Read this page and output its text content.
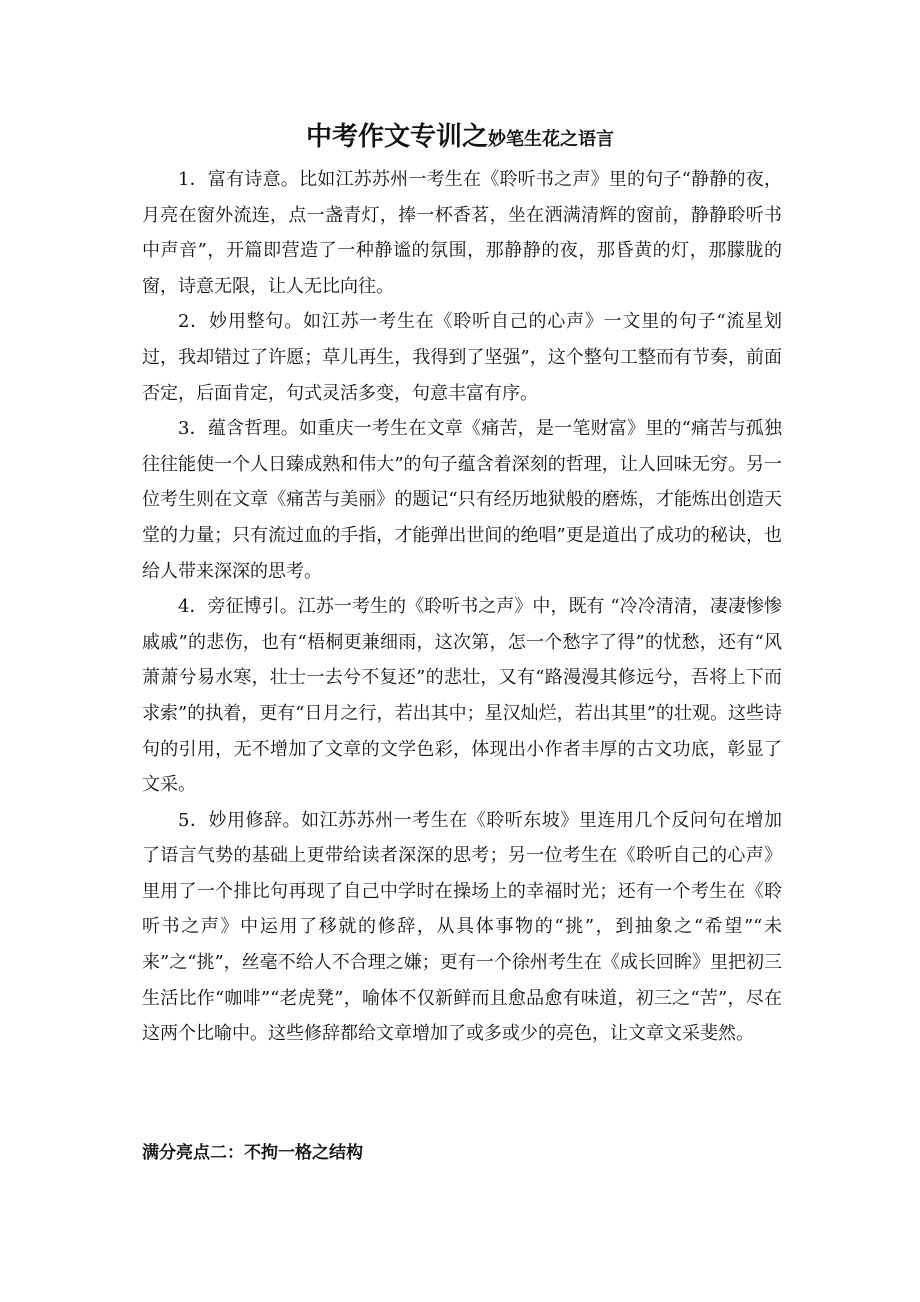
中考作文专训之妙笔生花之语言

1．富有诗意。比如江苏苏州一考生在《聆听书之声》里的句子“静静的夜，月亮在窗外流连，点一盏青灯，捧一杯香茗，坐在洒满清辉的窗前，静静聆听书中声音”，开篇即营造了一种静谧的氛围，那静静的夜，那昏黄的灯，那朦胧的窗，诗意无限，让人无比向往。

2．妙用整句。如江苏一考生在《聆听自己的心声》一文里的句子“流星划过，我却错过了许愿；草儿再生，我得到了坚强”，这个整句工整而有节奏，前面否定，后面肯定，句式灵活多变，句意丰富有序。

3．蕴含哲理。如重庆一考生在文章《痛苦，是一笔财富》里的“痛苦与孤独往往能使一个人日臻成熟和伟大”的句子蕴含着深刻的哲理，让人回味无穷。另一位考生则在文章《痛苦与美丽》的题记“只有经历地狱般的磨炼，才能炼出创造天堂的力量；只有流过血的手指，才能弹出世间的绝唱”更是道出了成功的秘诀，也给人带来深深的思考。

4．旁征博引。江苏一考生的《聆听书之声》中，既有 “冷冷清清，凄凄惨惨戚戚”的悲伤，也有“梧桐更兼细雨，这次第，怎一个愁字了得”的忧愁，还有“风萧萧兮易水寒，壮士一去兮不复还”的悲壮，又有“路漫漫其修远兮，吾将上下而求索”的执着，更有“日月之行，若出其中；星汉灿烂，若出其里”的壮观。这些诗句的引用，无不增加了文章的文学色彩，体现出小作者丰厚的古文功底，彰显了文采。

5．妙用修辞。如江苏苏州一考生在《聆听东坡》里连用几个反问句在增加了语言气势的基础上更带给读者深深的思考；另一位考生在《聆听自己的心声》里用了一个排比句再现了自己中学时在操场上的幸福时光；还有一个考生在《聆听书之声》中运用了移就的修辞，从具体事物的“挑”，到抽象之“希望”“未来”之“挑”，丝毫不给人不合理之嫌；更有一个徐州考生在《成长回眸》里把初三生活比作“咖啡”“老虎凳”，喻体不仅新鲜而且愈品愈有味道，初三之“苦”，尽在这两个比喻中。这些修辞都给文章增加了或多或少的亮色，让文章文采斐然。

满分亮点二：不拘一格之结构
